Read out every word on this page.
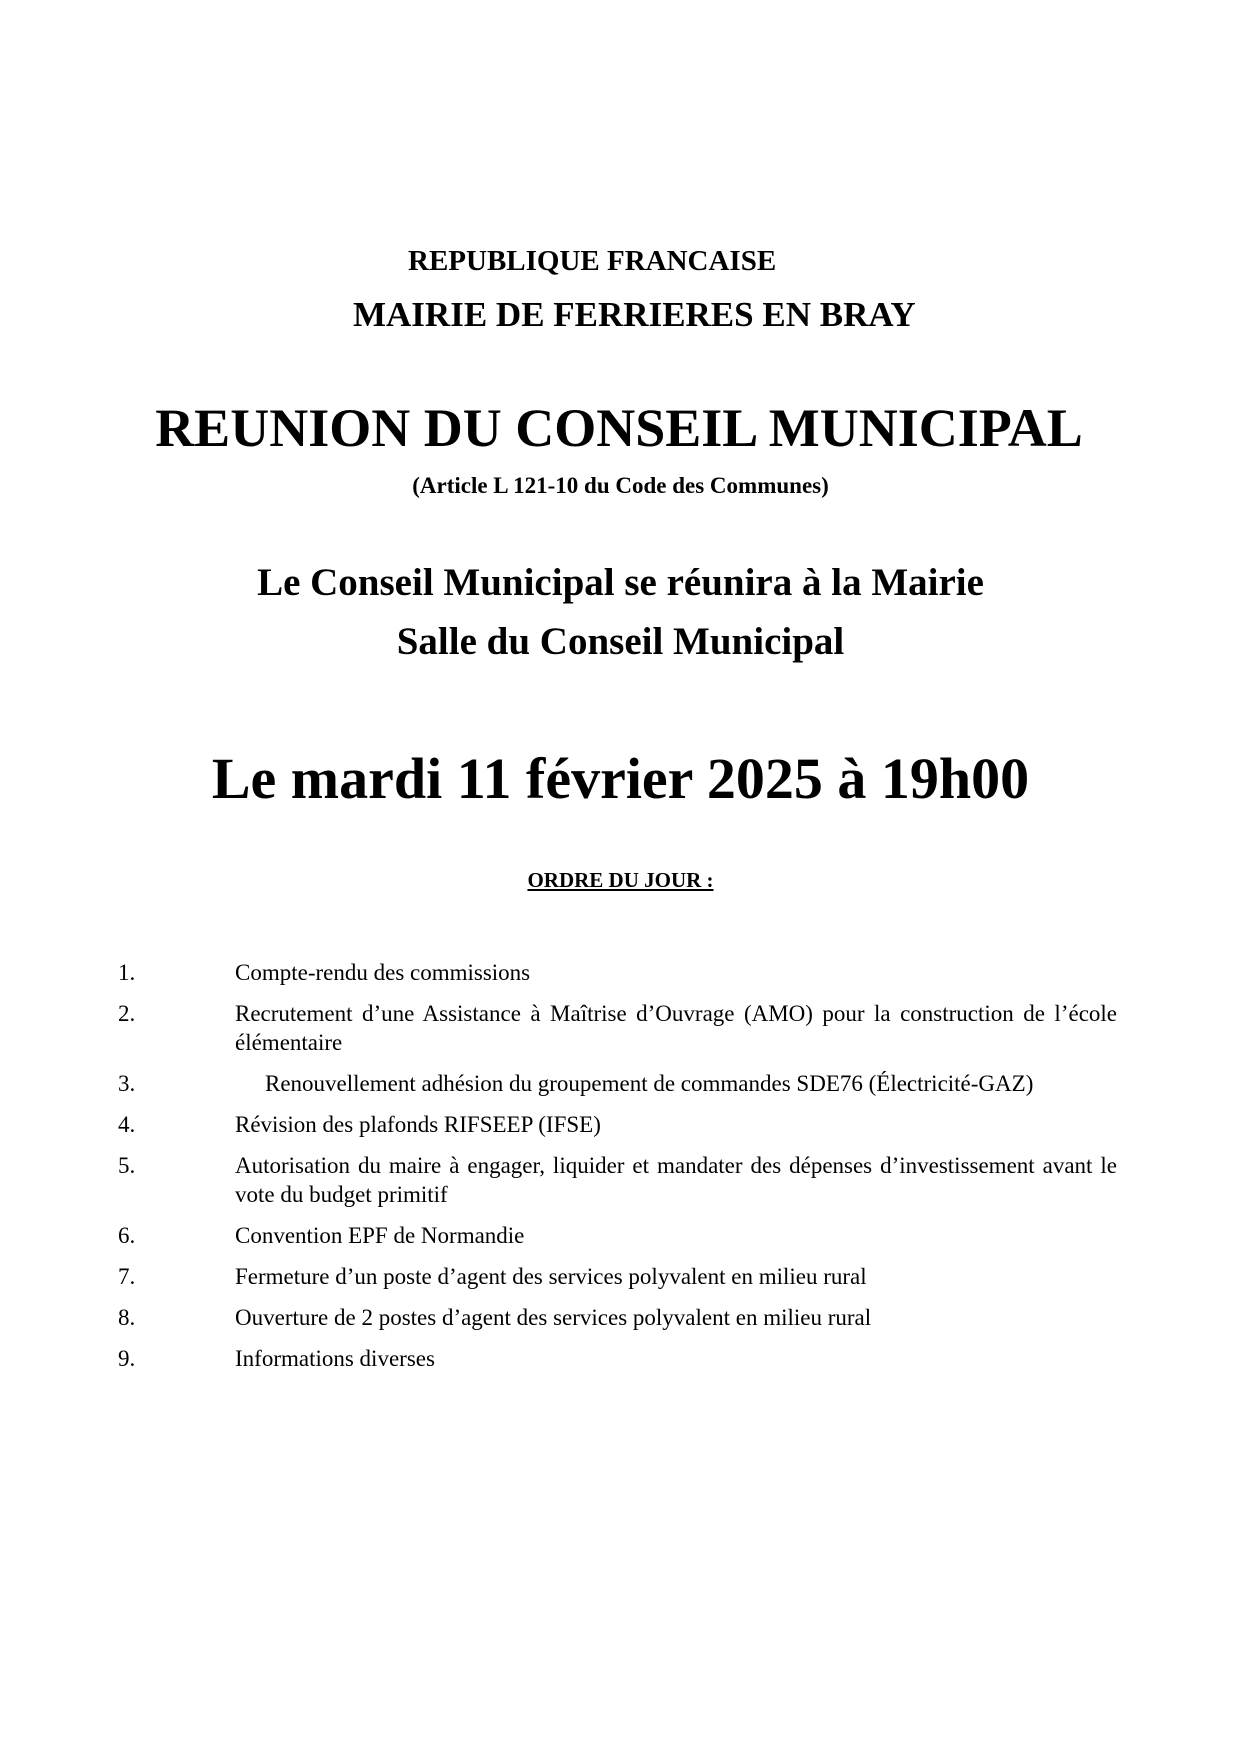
REPUBLIQUE FRANCAISE
MAIRIE DE FERRIERES EN BRAY
REUNION DU CONSEIL MUNICIPAL
(Article L 121-10 du Code des Communes)
Le Conseil Municipal se réunira à la Mairie
Salle du Conseil Municipal
Le mardi 11 février 2025 à 19h00
ORDRE DU JOUR :
1.	Compte-rendu des commissions
2.	Recrutement d’une Assistance à Maîtrise d’Ouvrage (AMO) pour la construction de l’école élémentaire
3.	Renouvellement adhésion du groupement de commandes SDE76 (Électricité-GAZ)
4.	Révision des plafonds RIFSEEP (IFSE)
5.	Autorisation du maire à engager, liquider et mandater des dépenses d’investissement avant le vote du budget primitif
6.	Convention EPF de Normandie
7.	Fermeture d’un poste d’agent des services polyvalent en milieu rural
8.	Ouverture de 2 postes d’agent des services polyvalent en milieu rural
9.	Informations diverses
